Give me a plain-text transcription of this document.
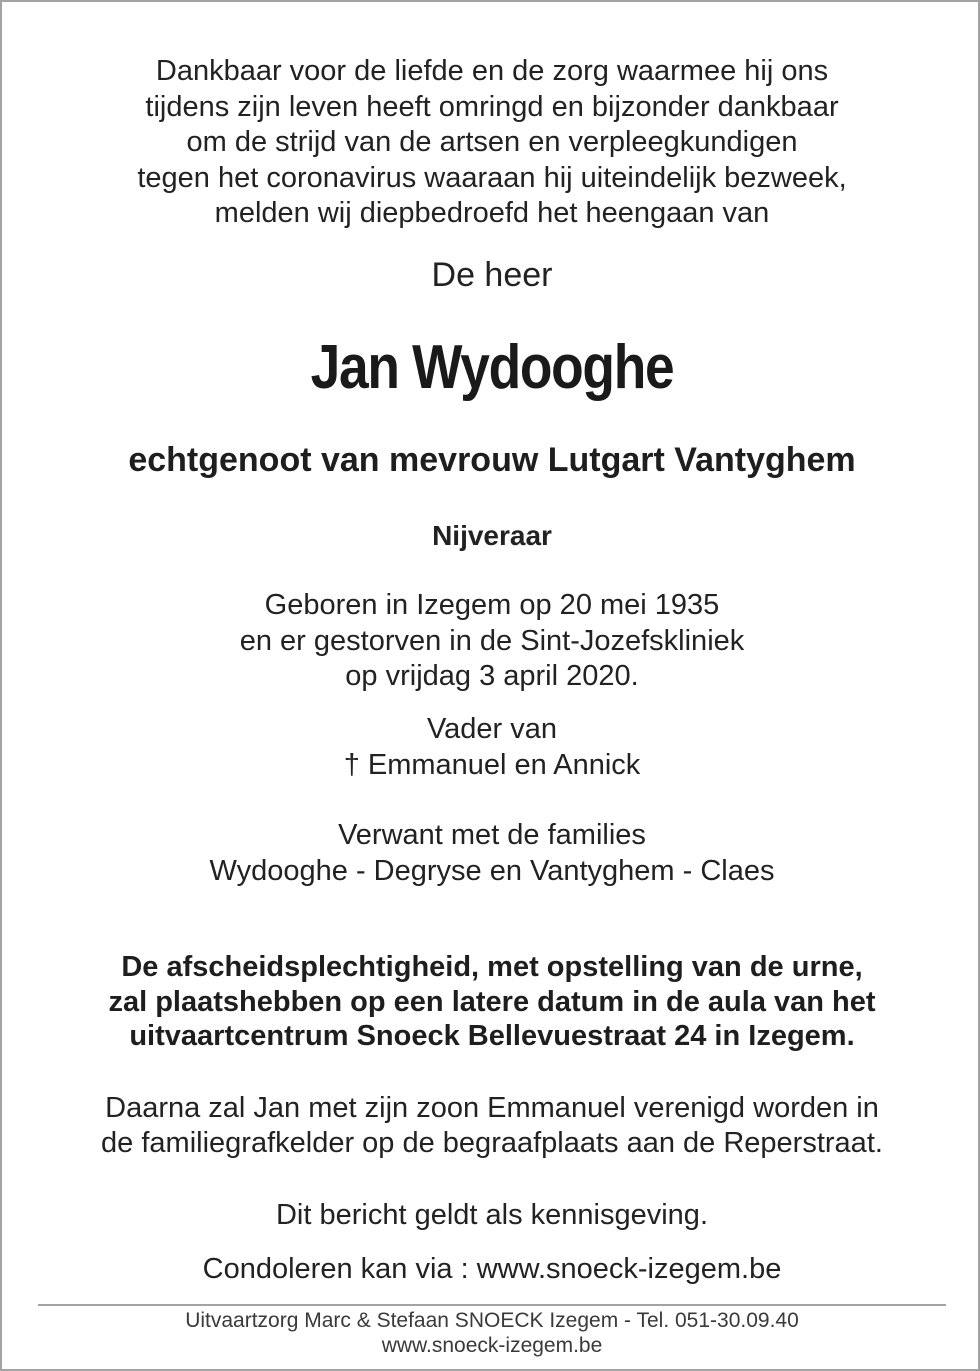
Dankbaar voor de liefde en de zorg waarmee hij ons
tijdens zijn leven heeft omringd en bijzonder dankbaar
om de strijd van de artsen en verpleegkundigen
tegen het coronavirus waaraan hij uiteindelijk bezweek,
melden wij diepbedroefd het heengaan van
De heer
Jan Wydooghe
echtgenoot van mevrouw Lutgart Vantyghem
Nijveraar
Geboren in Izegem op 20 mei 1935
en er gestorven in de Sint-Jozefskliniek
op vrijdag 3 april 2020.
Vader van
† Emmanuel en Annick
Verwant met de families
Wydooghe - Degryse en Vantyghem - Claes
De afscheidsplechtigheid, met opstelling van de urne,
zal plaatshebben op een latere datum in de aula van het
uitvaartcentrum Snoeck Bellevuestraat 24 in Izegem.
Daarna zal Jan met zijn zoon Emmanuel verenigd worden in
de familiegrafkelder op de begraafplaats aan de Reperstraat.
Dit bericht geldt als kennisgeving.
Condoleren kan via : www.snoeck-izegem.be
Uitvaartzorg Marc & Stefaan SNOECK Izegem - Tel. 051-30.09.40
www.snoeck-izegem.be
